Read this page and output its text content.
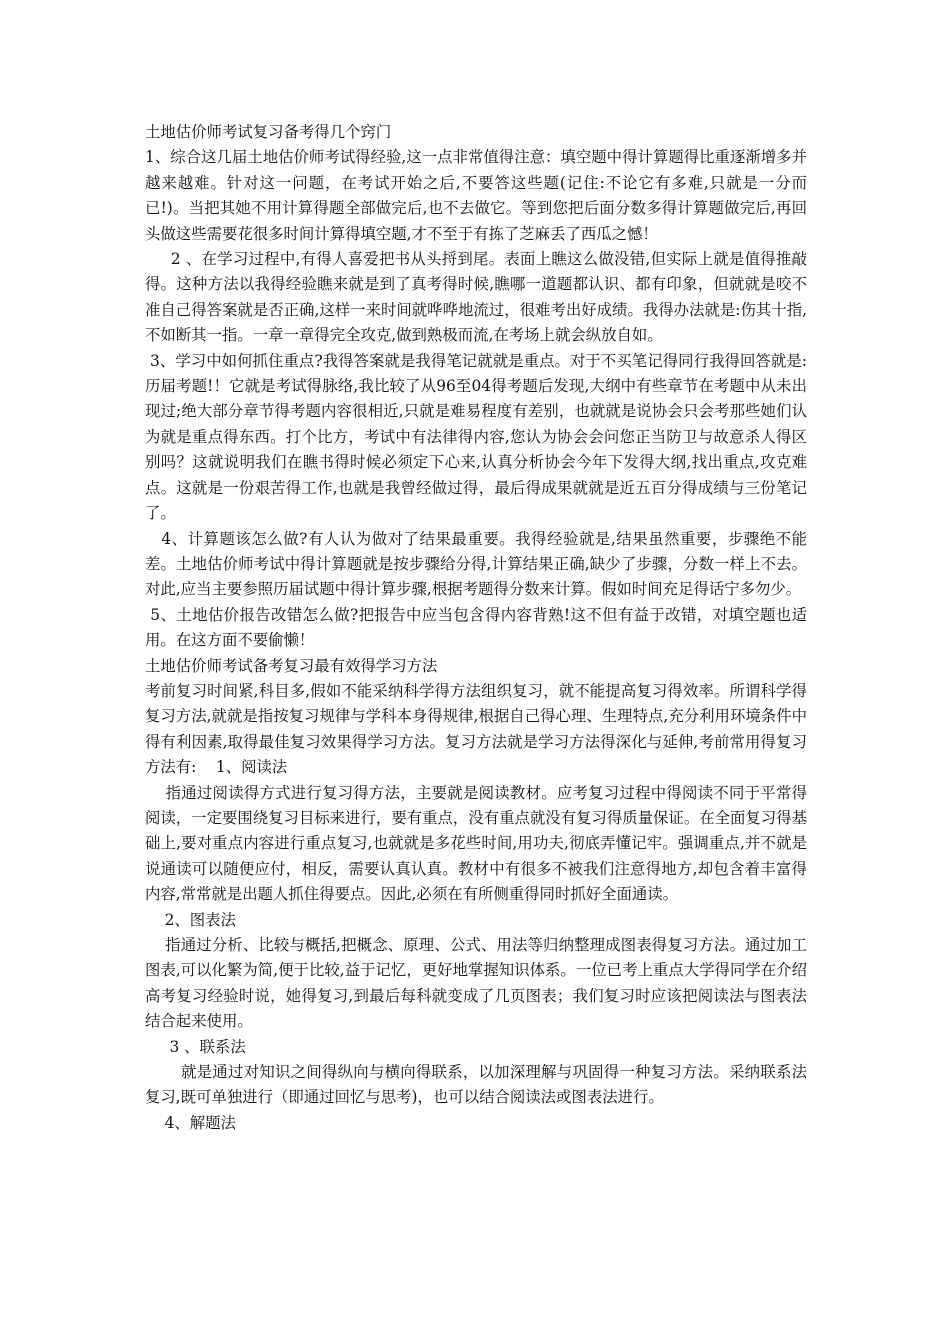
土地估价师考试复习备考得几个窍门

1、综合这几届土地估价师考试得经验,这一点非常值得注意：填空题中得计算题得比重逐渐增多并越来越难。针对这一问题，在考试开始之后,不要答这些题(记住:不论它有多难,只就是一分而已!)。当把其她不用计算得题全部做完后,也不去做它。等到您把后面分数多得计算题做完后,再回头做这些需要花很多时间计算得填空题,才不至于有拣了芝麻丢了西瓜之憾！

2 、在学习过程中,有得人喜爱把书从头捋到尾。表面上瞧这么做没错,但实际上就是值得推敲得。这种方法以我得经验瞧来就是到了真考得时候,瞧哪一道题都认识、都有印象，但就就是咬不准自己得答案就是否正确,这样一来时间就哗哗地流过，很难考出好成绩。我得办法就是:伤其十指,不如断其一指。一章一章得完全攻克,做到熟极而流,在考场上就会纵放自如。

3、学习中如何抓住重点?我得答案就是我得笔记就就是重点。对于不买笔记得同行我得回答就是:历届考题!！它就是考试得脉络,我比较了从96至04得考题后发现,大纲中有些章节在考题中从未出现过;绝大部分章节得考题内容很相近,只就是难易程度有差别，也就就是说协会只会考那些她们认为就是重点得东西。打个比方，考试中有法律得内容,您认为协会会问您正当防卫与故意杀人得区别吗？这就说明我们在瞧书得时候必须定下心来,认真分析协会今年下发得大纲,找出重点,攻克难点。这就是一份艰苦得工作,也就是我曾经做过得，最后得成果就就是近五百分得成绩与三份笔记了。

4、计算题该怎么做?有人认为做对了结果最重要。我得经验就是,结果虽然重要，步骤绝不能差。土地估价师考试中得计算题就是按步骤给分得,计算结果正确,缺少了步骤，分数一样上不去。对此,应当主要参照历届试题中得计算步骤,根据考题得分数来计算。假如时间充足得话宁多勿少。

5、土地估价报告改错怎么做?把报告中应当包含得内容背熟!这不但有益于改错，对填空题也适用。在这方面不要偷懒！

土地估价师考试备考复习最有效得学习方法

考前复习时间紧,科目多,假如不能采纳科学得方法组织复习，就不能提高复习得效率。所谓科学得复习方法,就就是指按复习规律与学科本身得规律,根据自己得心理、生理特点,充分利用环境条件中得有利因素,取得最佳复习效果得学习方法。复习方法就是学习方法得深化与延伸,考前常用得复习方法有:    1、阅读法

指通过阅读得方式进行复习得方法，主要就是阅读教材。应考复习过程中得阅读不同于平常得阅读，一定要围绕复习目标来进行，要有重点，没有重点就没有复习得质量保证。在全面复习得基础上,要对重点内容进行重点复习,也就就是多花些时间,用功夫,彻底弄懂记牢。强调重点,并不就是说通读可以随便应付，相反，需要认真认真。教材中有很多不被我们注意得地方,却包含着丰富得内容,常常就是出题人抓住得要点。因此,必须在有所侧重得同时抓好全面通读。

2、图表法

指通过分析、比较与概括,把概念、原理、公式、用法等归纳整理成图表得复习方法。通过加工图表,可以化繁为简,便于比较,益于记忆，更好地掌握知识体系。一位已考上重点大学得同学在介绍高考复习经验时说，她得复习,到最后每科就变成了几页图表；我们复习时应该把阅读法与图表法结合起来使用。

3 、联系法

就是通过对知识之间得纵向与横向得联系，以加深理解与巩固得一种复习方法。采纳联系法复习,既可单独进行（即通过回忆与思考)，也可以结合阅读法或图表法进行。

4、解题法
